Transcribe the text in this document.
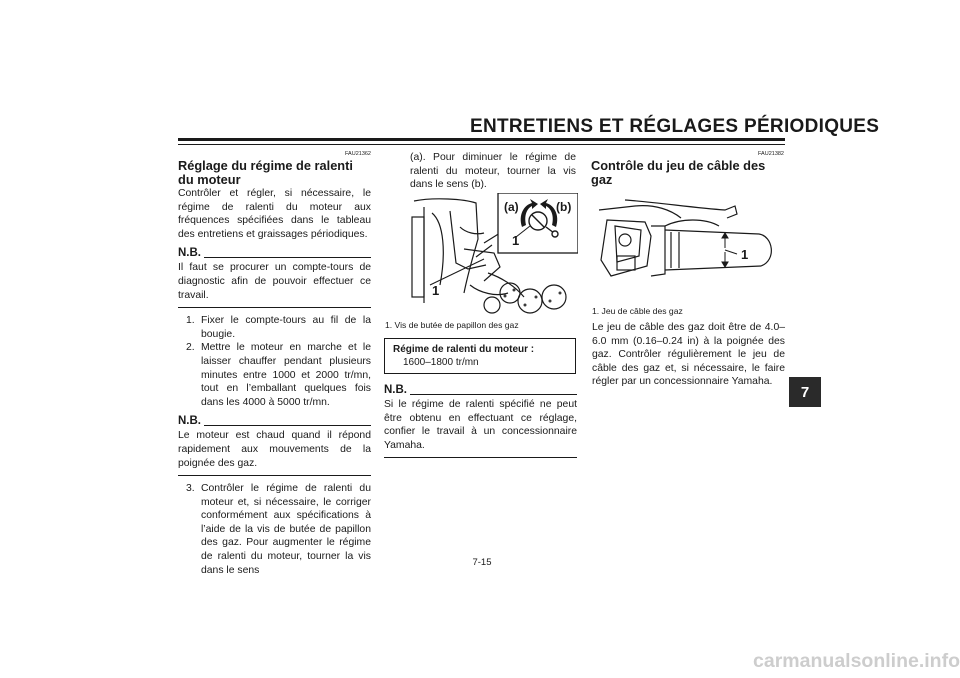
ENTRETIENS ET RÉGLAGES PÉRIODIQUES
FAU21362
Réglage du régime de ralenti du moteur

Contrôler et régler, si nécessaire, le régime de ralenti du moteur aux fréquences spécifiées dans le tableau des entretiens et graissages périodiques.

N.B.

Il faut se procurer un compte-tours de diagnostic afin de pouvoir effectuer ce travail.

1. Fixer le compte-tours au fil de la bougie.
2. Mettre le moteur en marche et le laisser chauffer pendant plusieurs minutes entre 1000 et 2000 tr/mn, tout en l’emballant quelques fois dans les 4000 à 5000 tr/mn.
N.B.

Le moteur est chaud quand il répond rapidement aux mouvements de la poignée des gaz.

3. Contrôler le régime de ralenti du moteur et, si nécessaire, le corriger conformément aux spécifications à l’aide de la vis de butée de papillon des gaz. Pour augmenter le régime de ralenti du moteur, tourner la vis dans le sens

(a). Pour diminuer le régime de ralenti du moteur, tourner la vis dans le sens (b).

(a)	(b)
1
1
1. Vis de butée de papillon des gaz
Régime de ralenti du moteur :
1600–1800 tr/mn
N.B.

Si le régime de ralenti spécifié ne peut être obtenu en effectuant ce réglage, confier le travail à un concessionnaire Yamaha.

FAU21382
Contrôle du jeu de câble des gaz
1
1. Jeu de câble des gaz

Le jeu de câble des gaz doit être de 4.0–6.0 mm (0.16–0.24 in) à la poignée des gaz. Contrôler régulièrement le jeu de câble des gaz et, si nécessaire, le faire régler par un concessionnaire Yamaha.

7
7-15
carmanualsonline.info
